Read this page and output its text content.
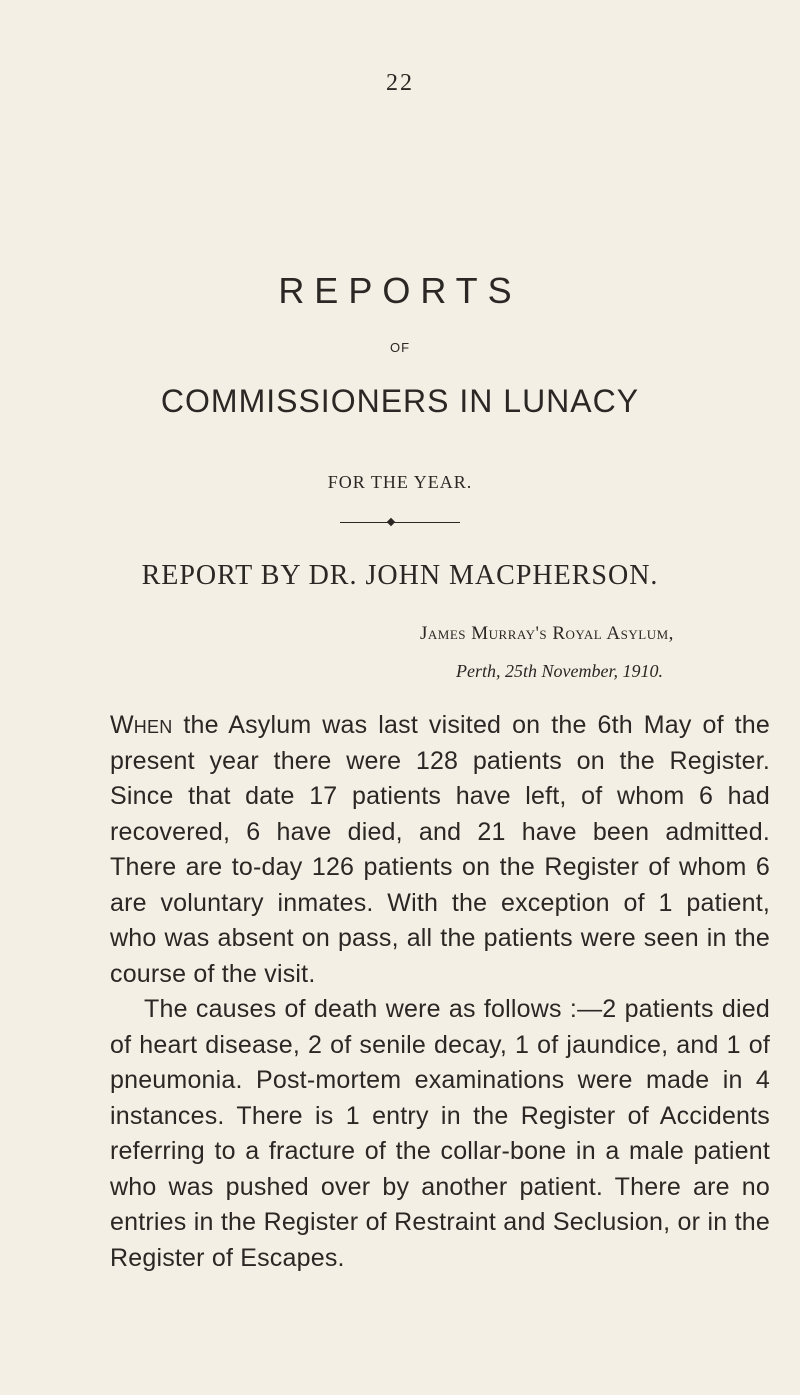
22
REPORTS
OF
COMMISSIONERS IN LUNACY
FOR THE YEAR.
REPORT BY DR. JOHN MACPHERSON.
James Murray's Royal Asylum,
Perth, 25th November, 1910.

When the Asylum was last visited on the 6th May of the present year there were 128 patients on the Register. Since that date 17 patients have left, of whom 6 had recovered, 6 have died, and 21 have been admitted. There are to-day 126 patients on the Register of whom 6 are voluntary inmates. With the exception of 1 patient, who was absent on pass, all the patients were seen in the course of the visit.

The causes of death were as follows :—2 patients died of heart disease, 2 of senile decay, 1 of jaundice, and 1 of pneumonia. Post-mortem examinations were made in 4 instances. There is 1 entry in the Register of Accidents referring to a fracture of the collar-bone in a male patient who was pushed over by another patient. There are no entries in the Register of Restraint and Seclusion, or in the Register of Escapes.
